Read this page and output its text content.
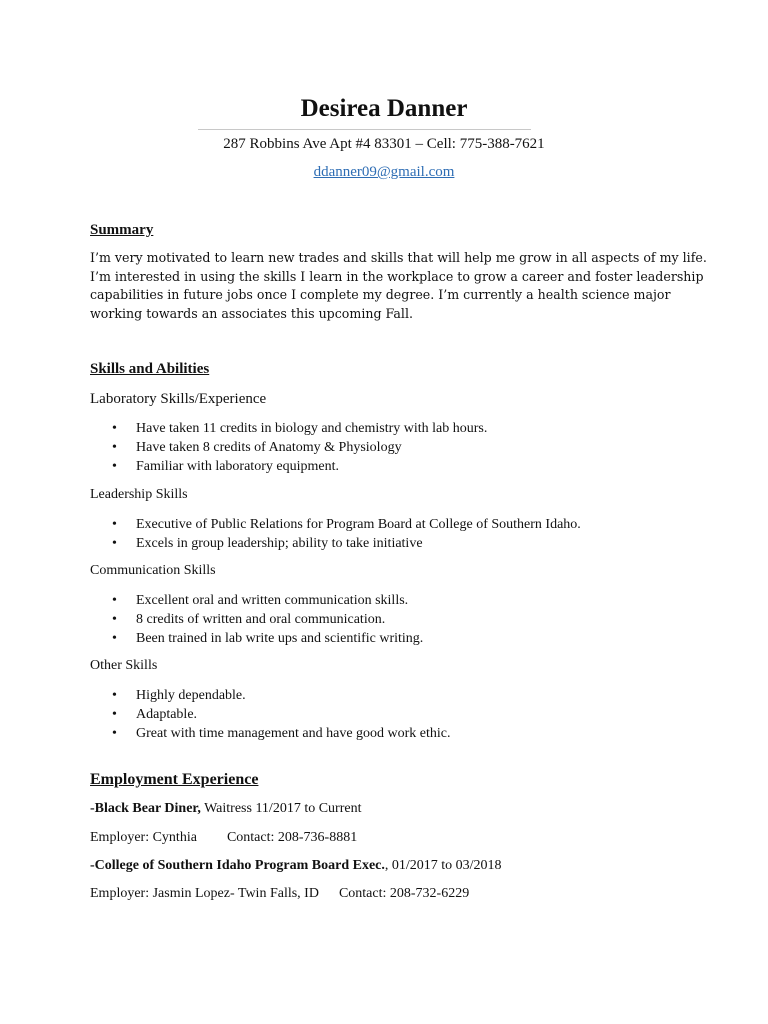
Desirea Danner
287 Robbins Ave Apt #4 83301 – Cell: 775-388-7621
ddanner09@gmail.com
Summary
I’m very motivated to learn new trades and skills that will help me grow in all aspects of my life.
I’m interested in using the skills I learn in the workplace to grow a career and foster leadership
capabilities in future jobs once I complete my degree. I’m currently a health science major
working towards an associates this upcoming Fall.
Skills and Abilities
Laboratory Skills/Experience
• Have taken 11 credits in biology and chemistry with lab hours.
• Have taken 8 credits of Anatomy & Physiology
• Familiar with laboratory equipment.
Leadership Skills
• Executive of Public Relations for Program Board at College of Southern Idaho.
• Excels in group leadership; ability to take initiative
Communication Skills
• Excellent oral and written communication skills.
• 8 credits of written and oral communication.
• Been trained in lab write ups and scientific writing.
Other Skills
• Highly dependable.
• Adaptable.
• Great with time management and have good work ethic.
Employment Experience
-Black Bear Diner, Waitress 11/2017 to Current
Employer: Cynthia Contact: 208-736-8881
-College of Southern Idaho Program Board Exec., 01/2017 to 03/2018
Employer: Jasmin Lopez- Twin Falls, ID Contact: 208-732-6229
